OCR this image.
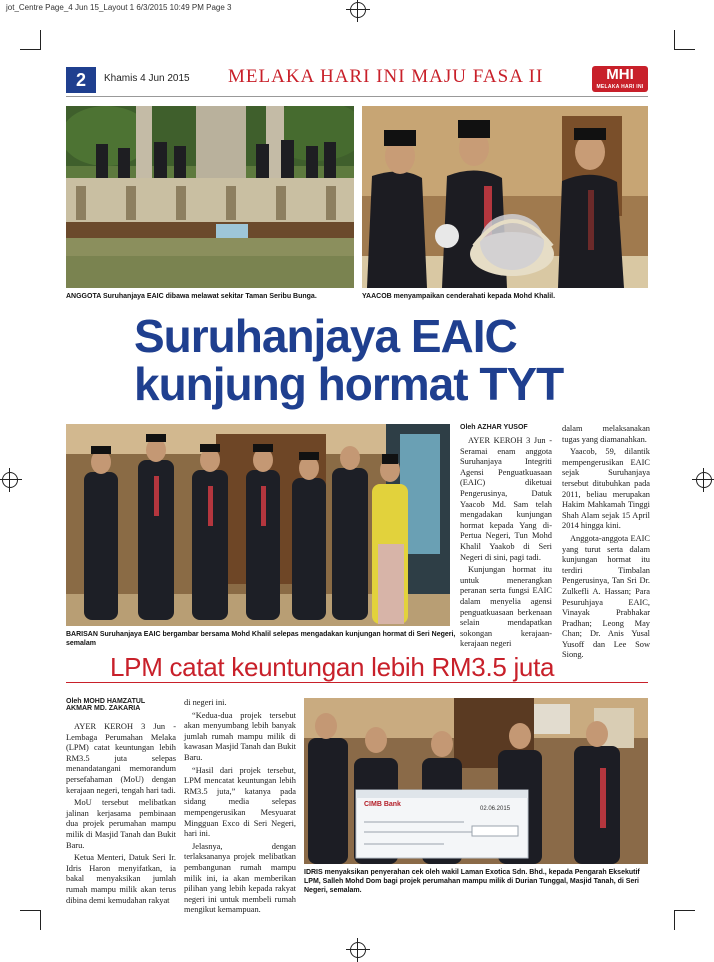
jot_Centre Page_4 Jun 15_Layout 1 6/3/2015 10:49 PM Page 3
2	Khamis 4 Jun 2015 MELAKA HARI INI MAJU FASA II	MHI
MELAKA HARI INI
ANGGOTA Suruhanjaya EAIC dibawa melawat sekitar Taman Seribu Bunga.	YAACOB menyampaikan cenderahati kepada Mohd Khalil.
Suruhanjaya EAIC
kunjung hormat TYT
BARISAN Suruhanjaya EAIC bergambar bersama Mohd Khalil selepas mengadakan kunjungan hormat di Seri Negeri, semalam
Oleh AZHAR YUSOF

AYER KEROH 3 Jun - Seramai enam anggota Suruhanjaya Integriti Agensi Penguatkuasaan (EAIC) diketuai Pengerusinya, Datuk Yaacob Md. Sam telah mengadakan kunjungan hormat kepada Yang di-Pertua Negeri, Tun Mohd Khalil Yaakob di Seri Negeri di sini, pagi tadi.

Kunjungan hormat itu untuk menerangkan peranan serta fungsi EAIC dalam menyelia agensi penguatkuasaan berkenaan selain mendapatkan sokongan kerajaan-kerajaan negeri

dalam melaksanakan tugas yang diamanahkan.

Yaacob, 59, dilantik mempengerusikan EAIC sejak Suruhanjaya tersebut ditubuhkan pada 2011, beliau merupakan Hakim Mahkamah Tinggi Shah Alam sejak 15 April 2014 hingga kini.

Anggota-anggota EAIC yang turut serta dalam kunjungan hormat itu terdiri Timbalan Pengerusinya, Tan Sri Dr. Zulkefli A. Hassan; Para Pesuruhjaya EAIC, Vinayak Prabhakar Pradhan; Leong May Chan; Dr. Anis Yusal Yusoff dan Lee Sow Siong.

LPM catat keuntungan lebih RM3.5 juta
Oleh MOHD HAMZATUL
AKMAR MD. ZAKARIA

AYER KEROH 3 Jun - Lembaga Perumahan Melaka (LPM) catat keuntungan lebih RM3.5 juta selepas menandatangani memorandum persefahaman (MoU) dengan kerajaan negeri, tengah hari tadi.

MoU tersebut melibatkan jalinan kerjasama pembinaan dua projek perumahan mampu milik di Masjid Tanah dan Bukit Baru.

Ketua Menteri, Datuk Seri Ir. Idris Haron menyifatkan, ia bakal menyaksikan jumlah rumah mampu milik akan terus dibina demi kemudahan rakyat

di negeri ini.

“Kedua-dua projek tersebut akan menyumbang lebih banyak jumlah rumah mampu milik di kawasan Masjid Tanah dan Bukit Baru.

“Hasil dari projek tersebut, LPM mencatat keuntungan lebih RM3.5 juta,” katanya pada sidang media selepas mempengerusikan Mesyuarat Mingguan Exco di Seri Negeri, hari ini.

Jelasnya, dengan terlaksananya projek melibatkan pembangunan rumah mampu milik ini, ia akan memberikan pilihan yang lebih kepada rakyat negeri ini untuk membeli rumah mengikut kemampuan.

CIMB Bank
02.06.2015
IDRIS menyaksikan penyerahan cek oleh wakil Laman Exotica Sdn. Bhd., kepada Pengarah Eksekutif LPM, Salleh Mohd Dom bagi projek perumahan mampu milik di Durian Tunggal, Masjid Tanah, di Seri Negeri, semalam.
